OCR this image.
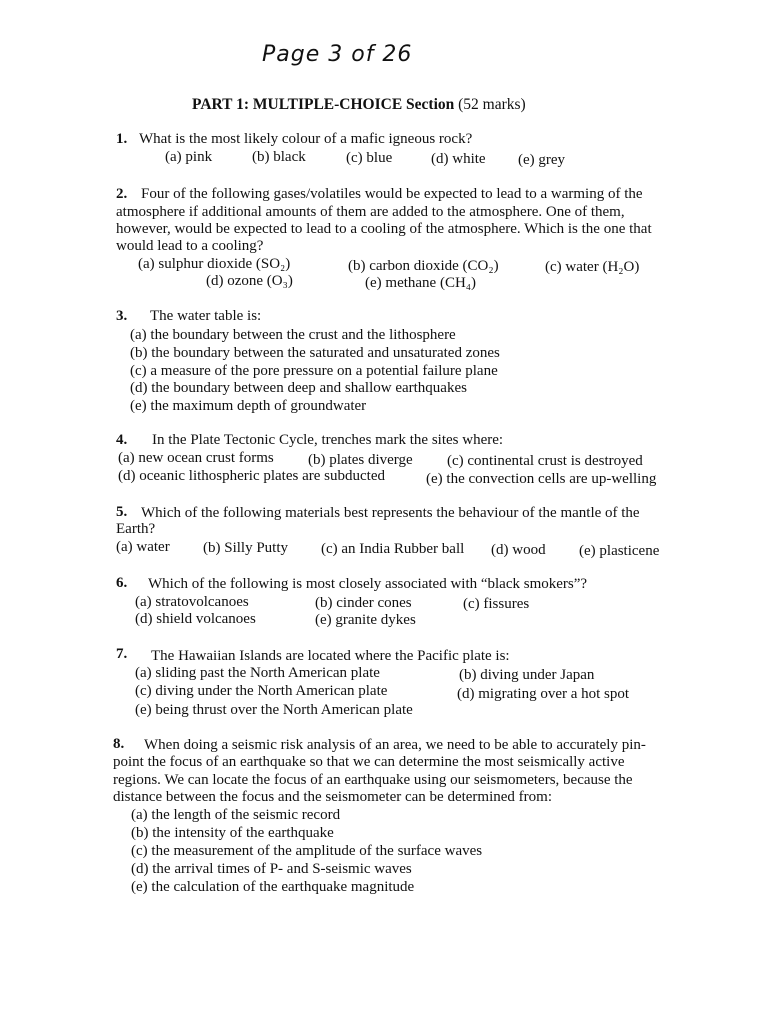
Page 3 of 26
PART 1: MULTIPLE-CHOICE Section (52 marks)
1. What is the most likely colour of a mafic igneous rock?
(a) pink	(b) black	(c) blue	(d) white (e) grey
2. Four of the following gases/volatiles would be expected to lead to a warming of the
atmosphere if additional amounts of them are added to the atmosphere. One of them,
however, would be expected to lead to a cooling of the atmosphere. Which is the one that
would lead to a cooling?
(a) sulphur dioxide (SO₂)	(b) carbon dioxide (CO₂)	(c) water (H₂O)
(d) ozone (O₃)	(e) methane (CH₄)
3. The water table is:
(a) the boundary between the crust and the lithosphere
(b) the boundary between the saturated and unsaturated zones
(c) a measure of the pore pressure on a potential failure plane
(d) the boundary between deep and shallow earthquakes
(e) the maximum depth of groundwater
4. In the Plate Tectonic Cycle, trenches mark the sites where:
(a) new ocean crust forms (b) plates diverge (c) continental crust is destroyed
(d) oceanic lithospheric plates are subducted	(e) the convection cells are up-welling
5. Which of the following materials best represents the behaviour of the mantle of the
Earth?
(a) water (b) Silly Putty (c) an India Rubber ball (d) wood (e) plasticene
6. Which of the following is most closely associated with “black smokers”?
(a) stratovolcanoes	(b) cinder cones	(c) fissures
(d) shield volcanoes	(e) granite dykes
7. The Hawaiian Islands are located where the Pacific plate is:
(a) sliding past the North American plate	(b) diving under Japan
(c) diving under the North American plate	(d) migrating over a hot spot
(e) being thrust over the North American plate
8. When doing a seismic risk analysis of an area, we need to be able to accurately pin-
point the focus of an earthquake so that we can determine the most seismically active
regions. We can locate the focus of an earthquake using our seismometers, because the
distance between the focus and the seismometer can be determined from:
(a) the length of the seismic record
(b) the intensity of the earthquake
(c) the measurement of the amplitude of the surface waves
(d) the arrival times of P- and S-seismic waves
(e) the calculation of the earthquake magnitude
